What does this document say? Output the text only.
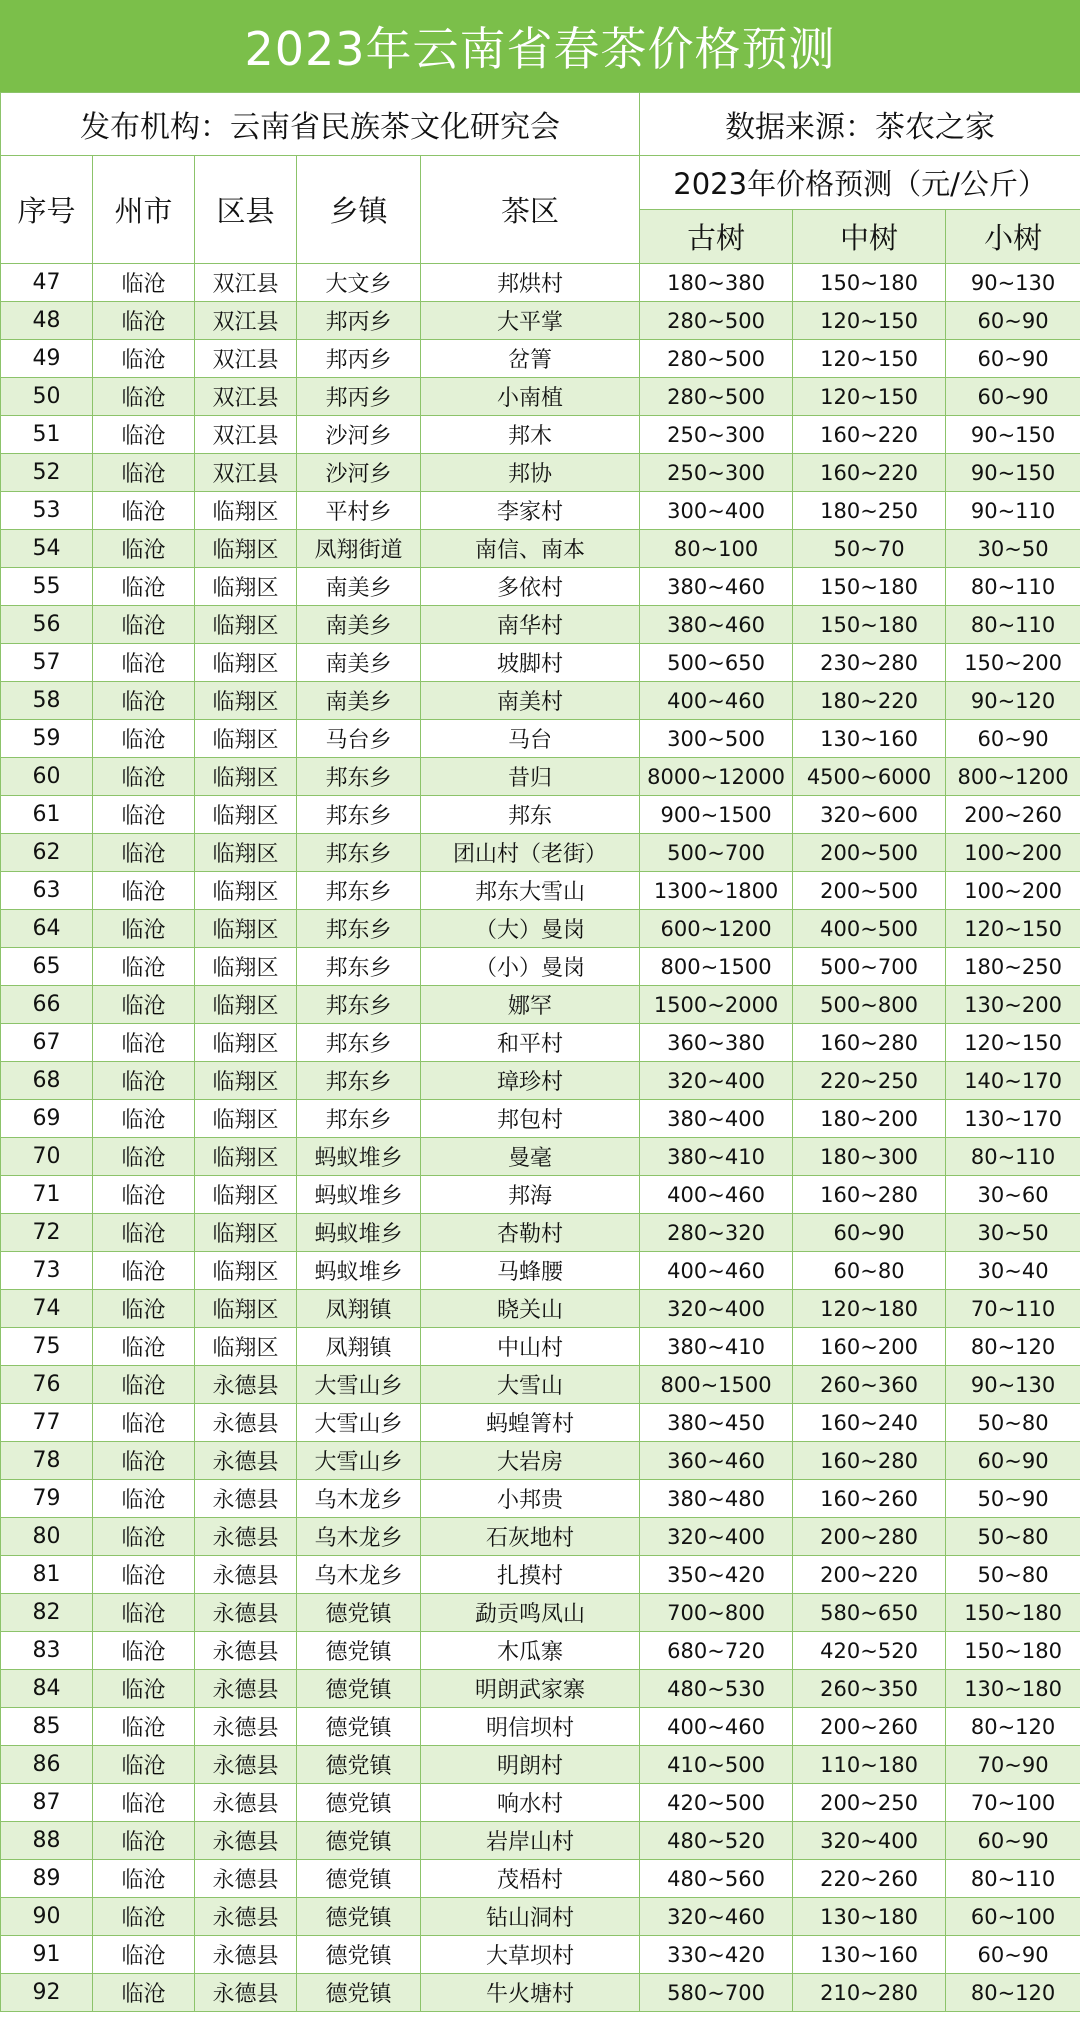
2023年云南省春茶价格预测
发布机构：云南省民族茶文化研究会					数据来源：茶农之家		
序号	州市	区县	乡镇	茶区	2023年价格预测（元/公斤）		
					古树	中树	小树
47	临沧	双江县	大文乡	邦烘村	180~380	150~180	90~130
48	临沧	双江县	邦丙乡	大平掌	280~500	120~150	60~90
49	临沧	双江县	邦丙乡	岔箐	280~500	120~150	60~90
50	临沧	双江县	邦丙乡	小南植	280~500	120~150	60~90
51	临沧	双江县	沙河乡	邦木	250~300	160~220	90~150
52	临沧	双江县	沙河乡	邦协	250~300	160~220	90~150
53	临沧	临翔区	平村乡	李家村	300~400	180~250	90~110
54	临沧	临翔区	凤翔街道	南信、南本	80~100	50~70	30~50
55	临沧	临翔区	南美乡	多依村	380~460	150~180	80~110
56	临沧	临翔区	南美乡	南华村	380~460	150~180	80~110
57	临沧	临翔区	南美乡	坡脚村	500~650	230~280	150~200
58	临沧	临翔区	南美乡	南美村	400~460	180~220	90~120
59	临沧	临翔区	马台乡	马台	300~500	130~160	60~90
60	临沧	临翔区	邦东乡	昔归	8000~12000	4500~6000	800~1200
61	临沧	临翔区	邦东乡	邦东	900~1500	320~600	200~260
62	临沧	临翔区	邦东乡	团山村（老街）	500~700	200~500	100~200
63	临沧	临翔区	邦东乡	邦东大雪山	1300~1800	200~500	100~200
64	临沧	临翔区	邦东乡	（大）曼岗	600~1200	400~500	120~150
65	临沧	临翔区	邦东乡	（小）曼岗	800~1500	500~700	180~250
66	临沧	临翔区	邦东乡	娜罕	1500~2000	500~800	130~200
67	临沧	临翔区	邦东乡	和平村	360~380	160~280	120~150
68	临沧	临翔区	邦东乡	璋珍村	320~400	220~250	140~170
69	临沧	临翔区	邦东乡	邦包村	380~400	180~200	130~170
70	临沧	临翔区	蚂蚁堆乡	曼毫	380~410	180~300	80~110
71	临沧	临翔区	蚂蚁堆乡	邦海	400~460	160~280	30~60
72	临沧	临翔区	蚂蚁堆乡	杏勒村	280~320	60~90	30~50
73	临沧	临翔区	蚂蚁堆乡	马蜂腰	400~460	60~80	30~40
74	临沧	临翔区	凤翔镇	晓关山	320~400	120~180	70~110
75	临沧	临翔区	凤翔镇	中山村	380~410	160~200	80~120
76	临沧	永德县	大雪山乡	大雪山	800~1500	260~360	90~130
77	临沧	永德县	大雪山乡	蚂蝗箐村	380~450	160~240	50~80
78	临沧	永德县	大雪山乡	大岩房	360~460	160~280	60~90
79	临沧	永德县	乌木龙乡	小邦贵	380~480	160~260	50~90
80	临沧	永德县	乌木龙乡	石灰地村	320~400	200~280	50~80
81	临沧	永德县	乌木龙乡	扎摸村	350~420	200~220	50~80
82	临沧	永德县	德党镇	勐贡鸣凤山	700~800	580~650	150~180
83	临沧	永德县	德党镇	木瓜寨	680~720	420~520	150~180
84	临沧	永德县	德党镇	明朗武家寨	480~530	260~350	130~180
85	临沧	永德县	德党镇	明信坝村	400~460	200~260	80~120
86	临沧	永德县	德党镇	明朗村	410~500	110~180	70~90
87	临沧	永德县	德党镇	响水村	420~500	200~250	70~100
88	临沧	永德县	德党镇	岩岸山村	480~520	320~400	60~90
89	临沧	永德县	德党镇	茂梧村	480~560	220~260	80~110
90	临沧	永德县	德党镇	钻山洞村	320~460	130~180	60~100
91	临沧	永德县	德党镇	大草坝村	330~420	130~160	60~90
92	临沧	永德县	德党镇	牛火塘村	580~700	210~280	80~120
